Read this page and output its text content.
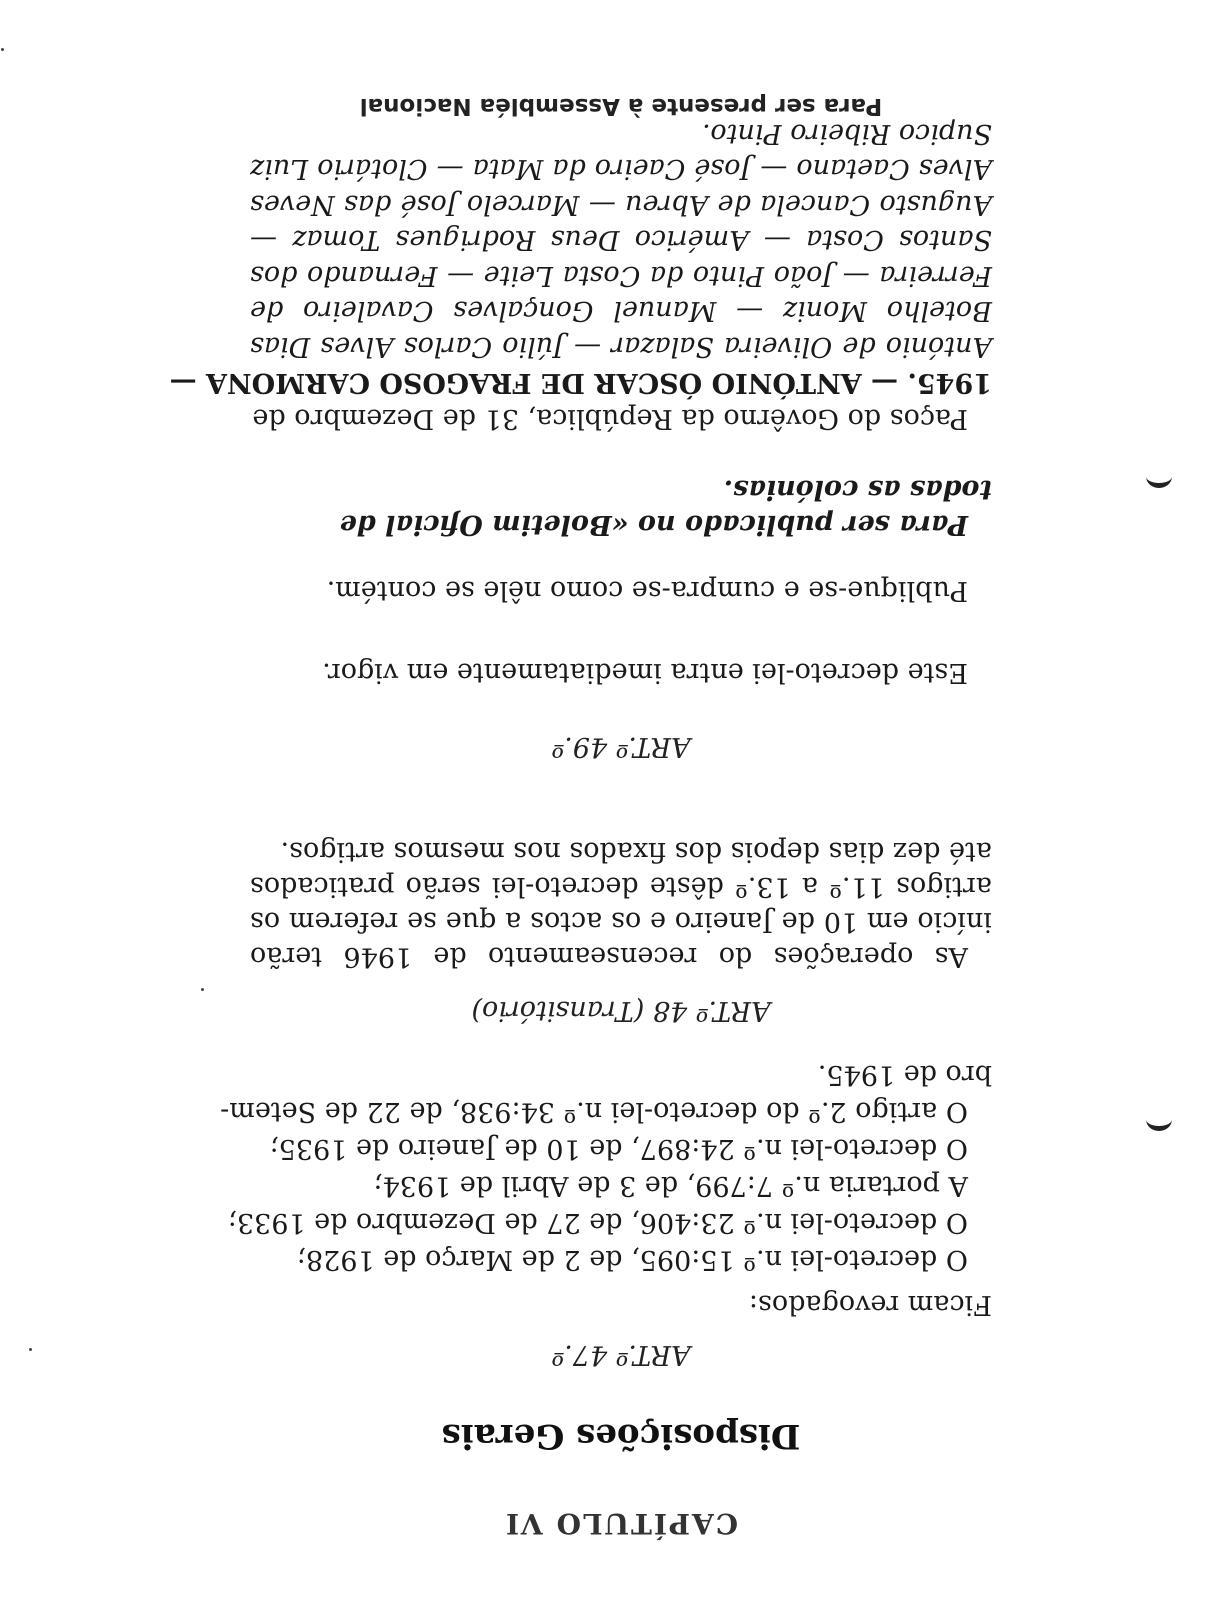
CAPÍTULO VI
Disposições Gerais
ART.º 47.º
Ficam revogados:
O decreto-lei n.º 15:095, de 2 de Março de 1928;
O decreto-lei n.º 23:406, de 27 de Dezembro de 1933;
A portaria n.º 7:799, de 3 de Abril de 1934;
O decreto-lei n.º 24:897, de 10 de Janeiro de 1935;
O artigo 2.º do decreto-lei n.º 34:938, de 22 de Setem-
bro de 1945.
ART.º 48 (Transitório)
As operações do recenseamento de 1946 terão início em 10 de Janeiro e os actos a que se referem os artigos 11.º a 13.º dêste decreto-lei serão praticados até dez dias depois dos fixados nos mesmos artigos.
ART.º 49.º
Este decreto-lei entra imediatamente em vigor.
Publique-se e cumpra-se como nêle se contém.
Para ser publicado no «Boletim Oficial de todas as colónias.
Paços do Govêrno da República, 31 de Dezembro de
1945. — ANTÓNIO ÓSCAR DE FRAGOSO CARMONA —
António de Oliveira Salazar — Júlio Carlos Alves Dias Botelho Moniz — Manuel Gonçalves Cavaleiro de Ferreira — João Pinto da Costa Leite — Fernando dos Santos Costa — Américo Deus Rodrigues Tomaz — Augusto Cancela de Abreu — Marcelo José das Neves Alves Caetano — José Caeiro da Mata — Clotário Luiz Supico Ribeiro Pinto.
Para ser presente à Assembléa Nacional
